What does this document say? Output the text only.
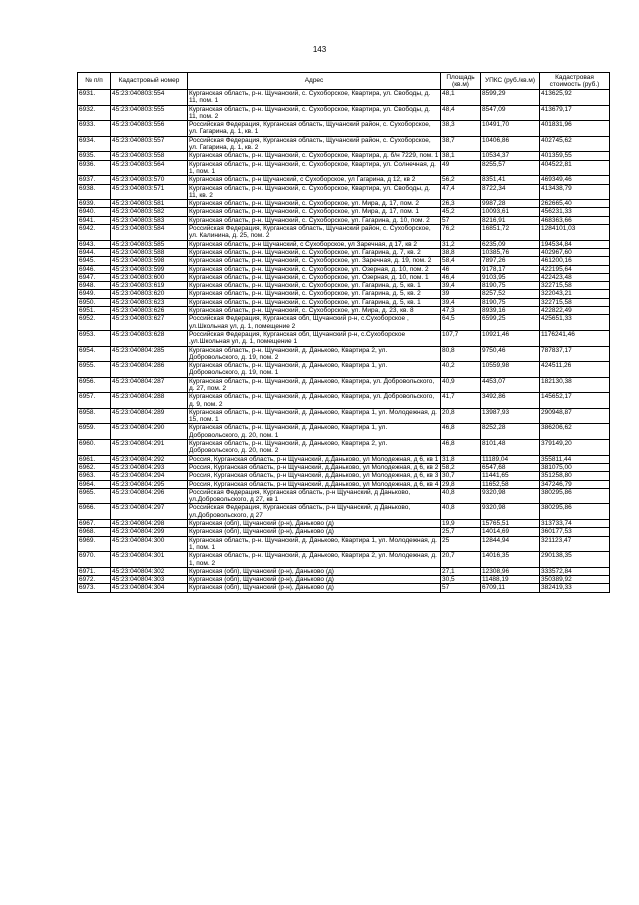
143
№ п/п	Кадастровый номер	Адрес	Площадь (кв.м)	УПКС (руб./кв.м)	Кадастровая стоимость (руб.)
6931.	45:23:040803:554	Курганская область, р-н. Щучанский, с. Сухоборское, Квартира, ул. Свободы, д. 11, пом. 1	48,1	8599,29	413625,92
6932.	45:23:040803:555	Курганская область, р-н. Щучанский, с. Сухоборское, Квартира, ул. Свободы, д. 11, пом. 2	48,4	8547,09	413679,17
6933.	45:23:040803:556	Российская Федерация, Курганская область, Щучанский район, с. Сухоборское, ул. Гагарина, д. 1, кв. 1	38,3	10491,70	401831,96
6934.	45:23:040803:557	Российская Федерация, Курганская область, Щучанский район, с. Сухоборское, ул. Гагарина, д. 1, кв. 2	38,7	10406,86	402745,62
6935.	45:23:040803:558	Курганская область, р-н. Щучанский, с. Сухоборское, Квартира, д. б/н 7229, пом. 1	38,1	10534,37	401359,55
6936.	45:23:040803:564	Курганская область, р-н. Щучанский, с. Сухоборское, Квартира, ул. Солнечная, д. 1, пом. 1	49	8255,57	404522,81
6937.	45:23:040803:570	Курганская область, р-н Щучанский, с Сухоборское, ул Гагарина, д 12, кв 2	56,2	8351,41	469349,46
6938.	45:23:040803:571	Курганская область, р-н. Щучанский, с. Сухоборское, Квартира, ул. Свободы, д. 11, кв. 2	47,4	8722,34	413438,79
6939.	45:23:040803:581	Курганская область, р-н. Щучанский, с. Сухоборское, ул. Мира, д. 17, пом. 2	26,3	9987,28	262665,40
6940.	45:23:040803:582	Курганская область, р-н. Щучанский, с. Сухоборское, ул. Мира, д. 17, пом. 1	45,2	10093,61	456231,33
6941.	45:23:040803:583	Курганская область, р-н. Щучанский, с. Сухоборское, ул. Гагарина, д. 10, пом. 2	57	8216,91	468363,66
6942.	45:23:040803:584	Российская Федерация, Курганская область, Щучанский район, с. Сухоборское, ул. Калинина, д. 25, пом. 2	76,2	16851,72	1284101,03
6943.	45:23:040803:585	Курганская область, р-н Щучанский, с Сухоборское, ул Заречная, д 17, кв 2	31,2	6235,09	194534,84
6944.	45:23:040803:588	Курганская область, р-н. Щучанский, с. Сухоборское, ул. Гагарина, д. 7, кв. 2	38,8	10385,76	402967,60
6945.	45:23:040803:598	Курганская область, р-н. Щучанский, с. Сухоборское, ул. Заречная, д. 19, пом. 2	58,4	7897,26	461200,16
6946.	45:23:040803:599	Курганская область, р-н. Щучанский, с. Сухоборское, ул. Озерная, д. 10, пом. 2	46	9178,17	422195,64
6947.	45:23:040803:600	Курганская область, р-н. Щучанский, с. Сухоборское, ул. Озерная, д. 10, пом. 1	46,4	9103,95	422423,48
6948.	45:23:040803:619	Курганская область, р-н. Щучанский, с. Сухоборское, ул. Гагарина, д. 5, кв. 1	39,4	8190,75	322715,58
6949.	45:23:040803:620	Курганская область, р-н. Щучанский, с. Сухоборское, ул. Гагарина, д. 5, кв. 2	39	8257,52	322043,21
6950.	45:23:040803:623	Курганская область, р-н. Щучанский, с. Сухоборское, ул. Гагарина, д. 5, кв. 1	39,4	8190,75	322715,58
6951.	45:23:040803:626	Курганская область, р-н. Щучанский, с. Сухоборское, ул. Мира, д. 23, кв. 8	47,3	8939,16	422822,49
6952.	45:23:040803:627	Российская Федерация, Курганская обл, Щучанский р-н, с.Сухоборское , ул.Школьная ул, д. 1, помещение 2	64,5	6599,25	425651,33
6953.	45:23:040803:628	Российская Федерация, Курганская обл, Щучанский р-н, с.Сухоборское ,ул.Школьная ул, д. 1, помещение 1	107,7	10921,46	1176241,46
6954.	45:23:040804:285	Курганская область, р-н. Щучанский, д. Даньково, Квартира 2, ул. Добровольского, д. 19, пом. 2	80,8	9750,46	787837,17
6955.	45:23:040804:286	Курганская область, р-н. Щучанский, д. Даньково, Квартира 1, ул. Добровольского, д. 19, пом. 1	40,2	10559,98	424511,26
6956.	45:23:040804:287	Курганская область, р-н. Щучанский, д. Даньково, Квартира, ул. Добровольского, д. 27, пом. 2	40,9	4453,07	182130,38
6957.	45:23:040804:288	Курганская область, р-н. Щучанский, д. Даньково, Квартира, ул. Добровольского, д. 9, пом. 2	41,7	3492,86	145652,17
6958.	45:23:040804:289	Курганская область, р-н. Щучанский, д. Даньково, Квартира 1, ул. Молодежная, д. 15, пом. 1	20,8	13987,93	290948,87
6959.	45:23:040804:290	Курганская область, р-н. Щучанский, д. Даньково, Квартира 1, ул. Добровольского, д. 20, пом. 1	46,8	8252,28	386206,62
6960.	45:23:040804:291	Курганская область, р-н. Щучанский, д. Даньково, Квартира 2, ул. Добровольского, д. 20, пом. 2	46,8	8101,48	379149,20
6961.	45:23:040804:292	Россия, Курганская область, р-н Щучанский, д.Даньково, ул Молодежная, д 6, кв 1	31,8	11189,04	355811,44
6962.	45:23:040804:293	Россия, Курганская область, р-н Щучанский, д.Даньково, ул Молодежная, д 6, кв 2	58,2	6547,68	381075,00
6963.	45:23:040804:294	Россия, Курганская область, р-н Щучанский, д.Даньково, ул Молодежная, д 6, кв 3	30,7	11441,65	351258,80
6964.	45:23:040804:295	Россия, Курганская область, р-н Щучанский, д.Даньково, ул Молодежная, д 6, кв 4	29,8	11652,58	347246,79
6965.	45:23:040804:296	Российская Федерация, Курганская область, р-н Щучанский, д Даньково, ул.Добровольского, д 27, кв 1	40,8	9320,98	380295,86
6966.	45:23:040804:297	Российская Федерация, Курганская область, р-н Щучанский, д Даньково, ул.Добровольского, д 27	40,8	9320,98	380295,86
6967.	45:23:040804:298	Курганская (обл), Щучанский (р-н), Даньково (д)	19,9	15765,51	313733,74
6968.	45:23:040804:299	Курганская (обл), Щучанский (р-н), Даньково (д)	25,7	14014,69	360177,53
6969.	45:23:040804:300	Курганская область, р-н. Щучанский, д. Даньково, Квартира 1, ул. Молодежная, д. 1, пом. 1	25	12844,94	321123,47
6970.	45:23:040804:301	Курганская область, р-н. Щучанский, д. Даньково, Квартира 2, ул. Молодежная, д. 1, пом. 2	20,7	14016,35	290138,35
6971.	45:23:040804:302	Курганская (обл), Щучанский (р-н), Даньково (д)	27,1	12308,96	333572,84
6972.	45:23:040804:303	Курганская (обл), Щучанский (р-н), Даньково (д)	30,5	11488,19	350389,92
6973.	45:23:040804:304	Курганская (обл), Щучанский (р-н), Даньково (д)	57	6709,11	382419,33
